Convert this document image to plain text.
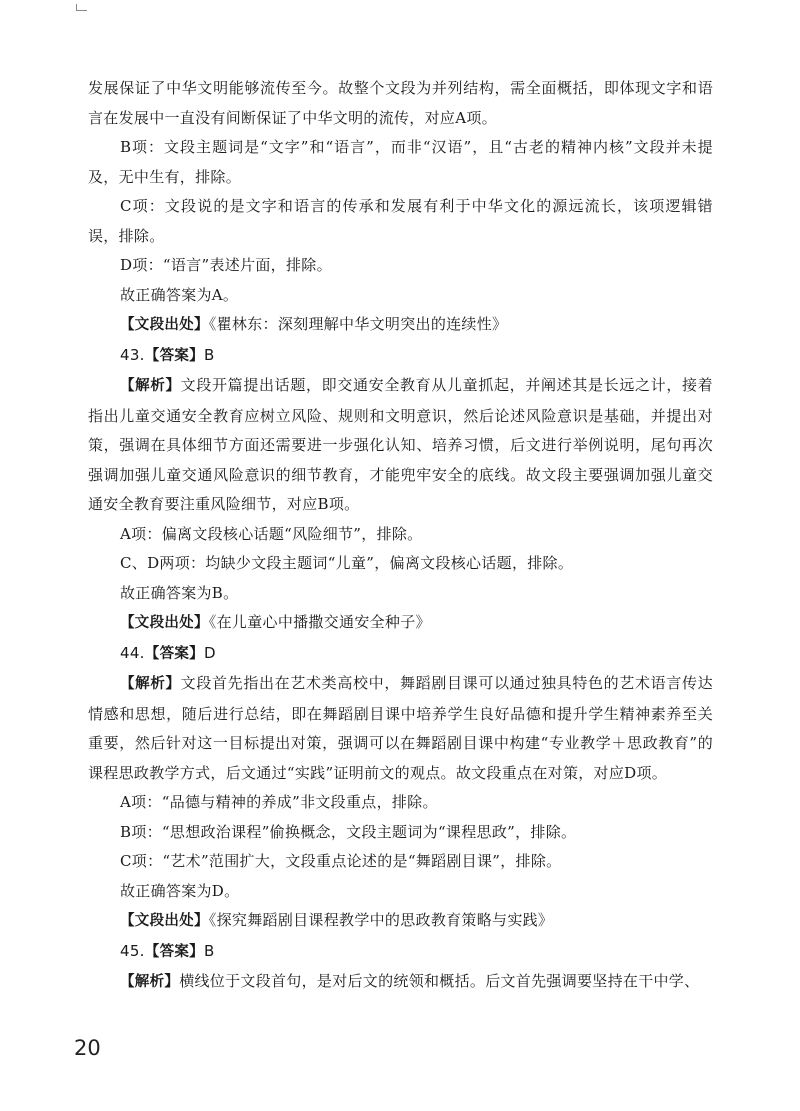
发展保证了中华文明能够流传至今。故整个文段为并列结构，需全面概括，即体现文字和语言在发展中一直没有间断保证了中华文明的流传，对应A项。

B项：文段主题词是“文字”和“语言”，而非“汉语”，且“古老的精神内核”文段并未提及，无中生有，排除。

C项：文段说的是文字和语言的传承和发展有利于中华文化的源远流长，该项逻辑错误，排除。

D项：“语言”表述片面，排除。

故正确答案为A。

【文段出处】《瞿林东：深刻理解中华文明突出的连续性》

43.【答案】B

【解析】文段开篇提出话题，即交通安全教育从儿童抓起，并阐述其是长远之计，接着指出儿童交通安全教育应树立风险、规则和文明意识，然后论述风险意识是基础，并提出对策，强调在具体细节方面还需要进一步强化认知、培养习惯，后文进行举例说明，尾句再次强调加强儿童交通风险意识的细节教育，才能兜牢安全的底线。故文段主要强调加强儿童交通安全教育要注重风险细节，对应B项。

A项：偏离文段核心话题“风险细节”，排除。

C、D两项：均缺少文段主题词“儿童”，偏离文段核心话题，排除。

故正确答案为B。

【文段出处】《在儿童心中播撒交通安全种子》

44.【答案】D

【解析】文段首先指出在艺术类高校中，舞蹈剧目课可以通过独具特色的艺术语言传达情感和思想，随后进行总结，即在舞蹈剧目课中培养学生良好品德和提升学生精神素养至关重要，然后针对这一目标提出对策，强调可以在舞蹈剧目课中构建“专业教学＋思政教育”的课程思政教学方式，后文通过“实践”证明前文的观点。故文段重点在对策，对应D项。

A项：“品德与精神的养成”非文段重点，排除。

B项：“思想政治课程”偷换概念，文段主题词为“课程思政”，排除。

C项：“艺术”范围扩大，文段重点论述的是“舞蹈剧目课”，排除。

故正确答案为D。

【文段出处】《探究舞蹈剧目课程教学中的思政教育策略与实践》

45.【答案】B

【解析】横线位于文段首句，是对后文的统领和概括。后文首先强调要坚持在干中学、

20
